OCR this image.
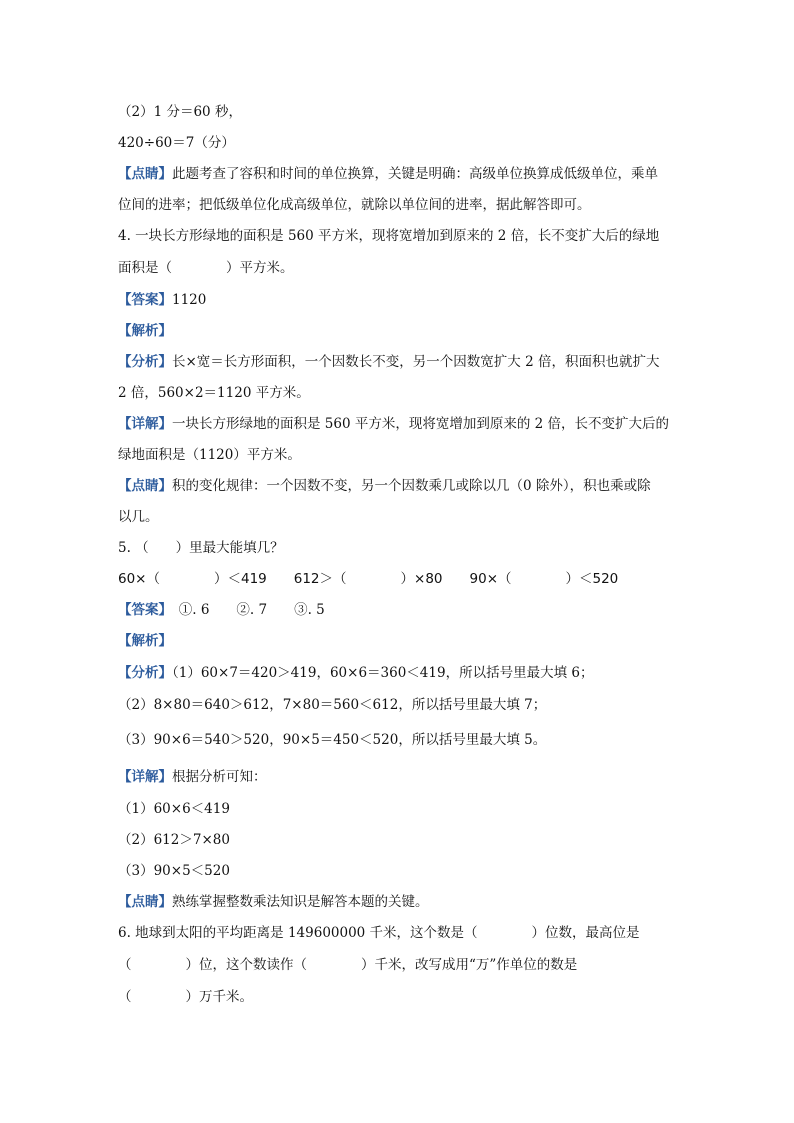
（2）1 分＝60 秒，
420÷60＝7（分）
【点睛】此题考查了容积和时间的单位换算，关键是明确：高级单位换算成低级单位，乘单
位间的进率；把低级单位化成高级单位，就除以单位间的进率，据此解答即可。
4. 一块长方形绿地的面积是 560 平方米，现将宽增加到原来的 2 倍，长不变扩大后的绿地
面积是（　　　　）平方米。
【答案】1120
【解析】
【分析】长×宽＝长方形面积，一个因数长不变，另一个因数宽扩大 2 倍，积面积也就扩大
2 倍，560×2＝1120 平方米。
【详解】一块长方形绿地的面积是 560 平方米，现将宽增加到原来的 2 倍，长不变扩大后的
绿地面积是（1120）平方米。
【点睛】积的变化规律：一个因数不变，另一个因数乘几或除以几（0 除外），积也乘或除
以几。
5. （　　）里最大能填几？
60×（　　　　）＜419　　612＞（　　　　）×80　　90×（　　　　）＜520
【答案】　①. 6　　②. 7　　③. 5
【解析】
【分析】（1）60×7＝420＞419，60×6＝360＜419，所以括号里最大填 6；
（2）8×80＝640＞612，7×80＝560＜612，所以括号里最大填 7；
（3）90×6＝540＞520，90×5＝450＜520，所以括号里最大填 5。
【详解】根据分析可知：
（1）60×6＜419
（2）612＞7×80
（3）90×5＜520
【点睛】熟练掌握整数乘法知识是解答本题的关键。
6. 地球到太阳的平均距离是 149600000 千米，这个数是（　　　　）位数，最高位是
（　　　　）位，这个数读作（　　　　）千米，改写成用“万”作单位的数是
（　　　　）万千米。
